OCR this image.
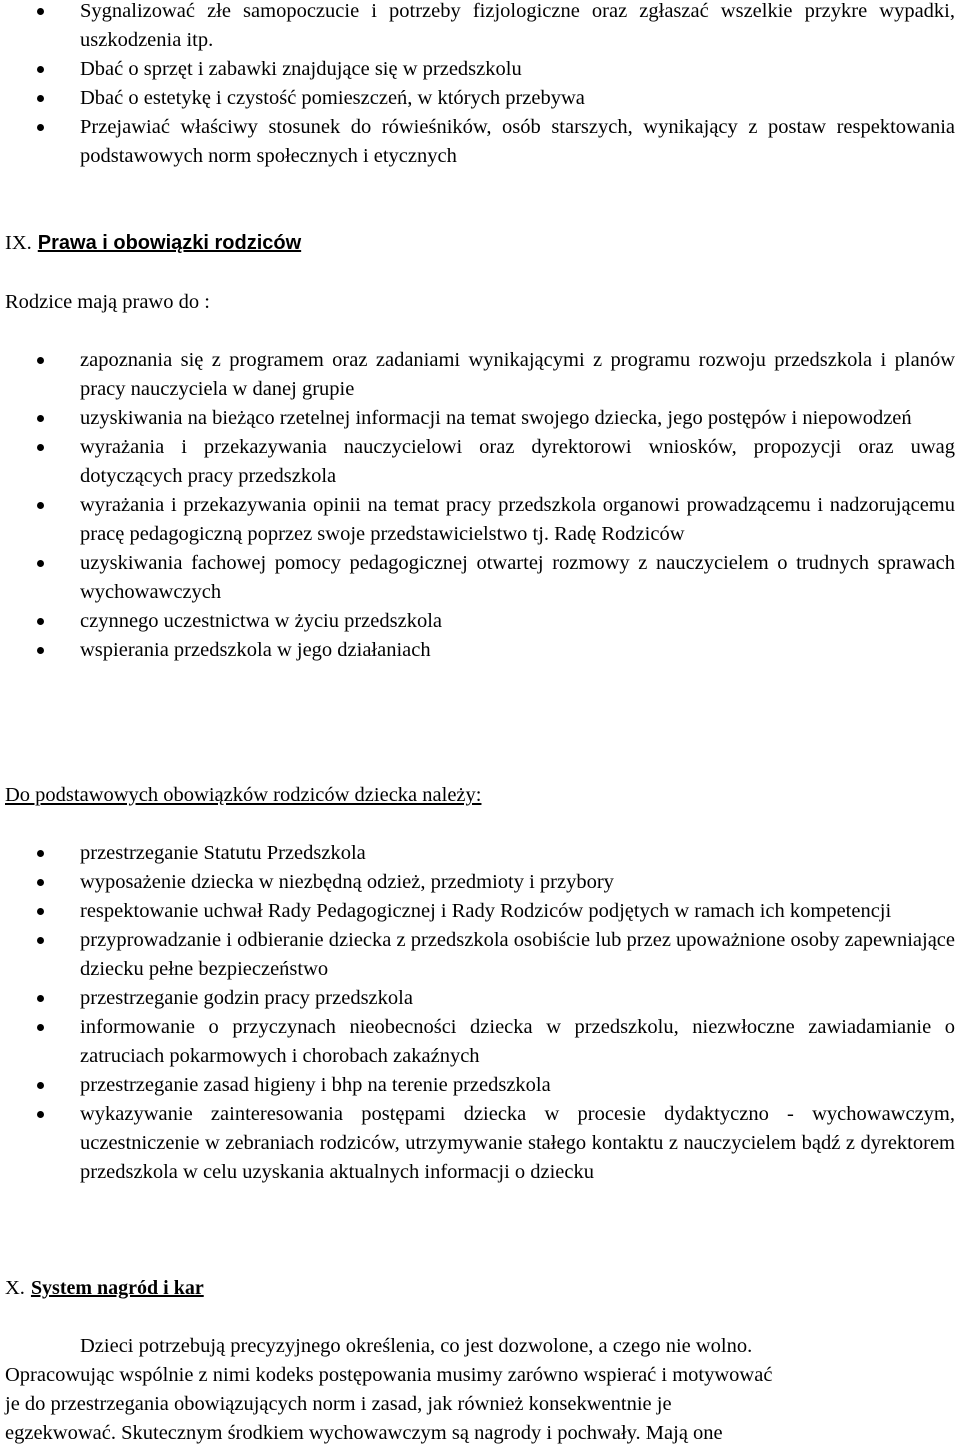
Sygnalizować złe samopoczucie i potrzeby fizjologiczne oraz zgłaszać wszelkie przykre wypadki, uszkodzenia itp.
Dbać o sprzęt i zabawki znajdujące się w przedszkolu
Dbać o estetykę i czystość pomieszczeń, w których przebywa
Przejawiać właściwy stosunek do rówieśników, osób starszych, wynikający z postaw respektowania podstawowych norm społecznych i etycznych
IX. Prawa i obowiązki rodziców
Rodzice mają prawo do :
zapoznania się z programem oraz zadaniami wynikającymi z programu rozwoju przedszkola i planów pracy nauczyciela w danej grupie
uzyskiwania na bieżąco rzetelnej informacji na temat swojego dziecka, jego postępów i niepowodzeń
wyrażania i przekazywania nauczycielowi oraz dyrektorowi wniosków, propozycji oraz uwag dotyczących pracy przedszkola
wyrażania i przekazywania opinii na temat pracy przedszkola organowi prowadzącemu i nadzorującemu pracę pedagogiczną poprzez swoje przedstawicielstwo tj. Radę Rodziców
uzyskiwania fachowej pomocy pedagogicznej otwartej rozmowy z nauczycielem o trudnych sprawach wychowawczych
czynnego uczestnictwa w życiu przedszkola
wspierania przedszkola w jego działaniach
Do podstawowych obowiązków rodziców dziecka należy:
przestrzeganie Statutu Przedszkola
wyposażenie dziecka w niezbędną odzież, przedmioty i przybory
respektowanie uchwał Rady Pedagogicznej i Rady Rodziców podjętych w ramach ich kompetencji
przyprowadzanie i odbieranie dziecka z przedszkola osobiście lub przez upoważnione osoby zapewniające dziecku pełne bezpieczeństwo
przestrzeganie godzin pracy przedszkola
informowanie o przyczynach nieobecności dziecka w przedszkolu, niezwłoczne zawiadamianie o zatruciach pokarmowych i chorobach zakaźnych
przestrzeganie zasad higieny i bhp na terenie przedszkola
wykazywanie zainteresowania postępami dziecka w procesie dydaktyczno - wychowawczym, uczestniczenie w zebraniach rodziców, utrzymywanie stałego kontaktu z nauczycielem bądź z dyrektorem przedszkola w celu uzyskania aktualnych informacji o dziecku
X. System nagród i kar
Dzieci potrzebują precyzyjnego określenia, co jest dozwolone, a czego nie wolno.
Opracowując wspólnie z nimi kodeks postępowania musimy zarówno wspierać i motywować
je do przestrzegania obowiązujących norm i zasad, jak również konsekwentnie je
egzekwować. Skutecznym środkiem wychowawczym są nagrody i pochwały. Mają one
